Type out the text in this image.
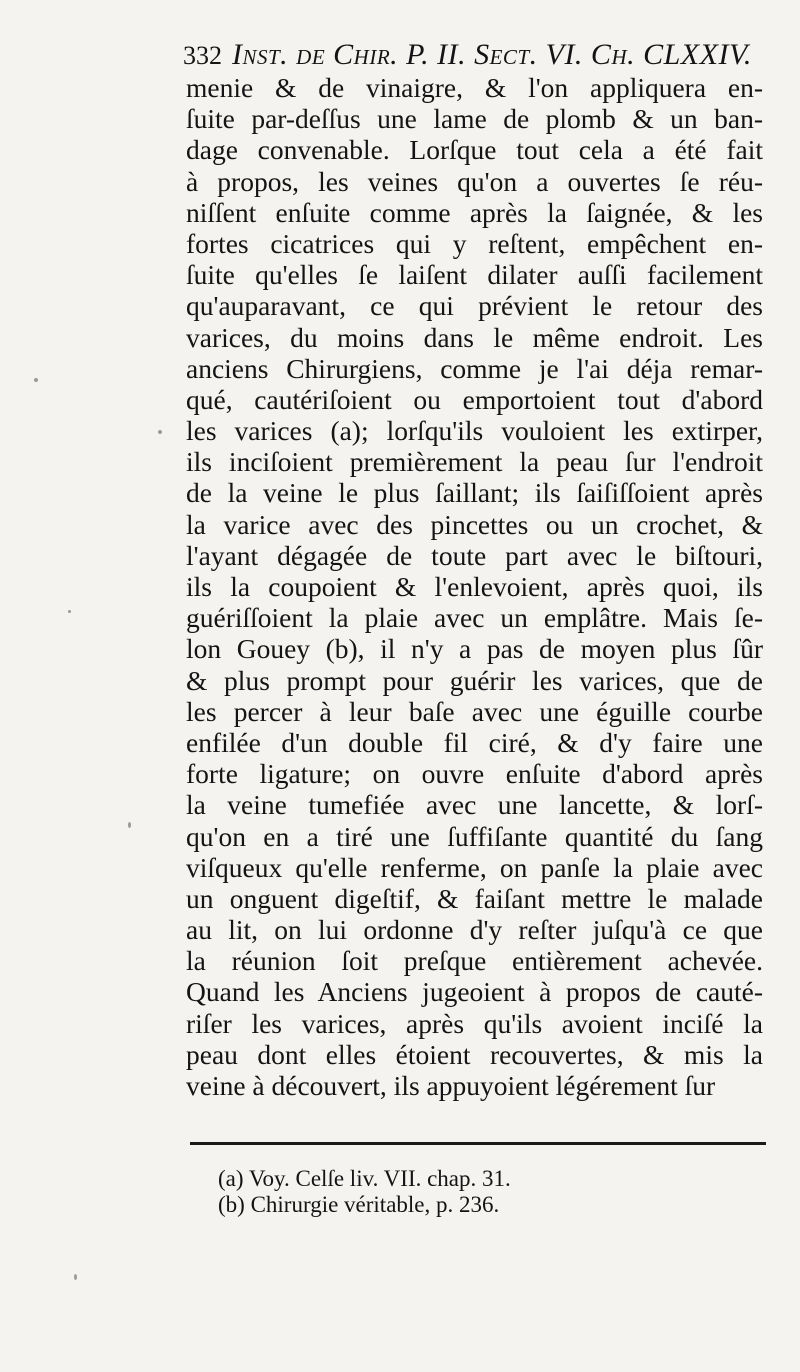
332 Inst. de Chir. P. II. Sect. VI. Ch. CLXXIV.
menie & de vinaigre, & l'on appliquera en-
ſuite par-deſſus une lame de plomb & un ban-
dage convenable. Lorſque tout cela a été fait
à propos, les veines qu'on a ouvertes ſe réu-
niſſent enſuite comme après la ſaignée, & les
fortes cicatrices qui y reſtent, empêchent en-
ſuite qu'elles ſe laiſent dilater auſſi facilement
qu'auparavant, ce qui prévient le retour des
varices, du moins dans le même endroit. Les
anciens Chirurgiens, comme je l'ai déja remar-
qué, cautériſoient ou emportoient tout d'abord
les varices (a); lorſqu'ils vouloient les extirper,
ils inciſoient premièrement la peau ſur l'endroit
de la veine le plus ſaillant; ils ſaiſiſſoient après
la varice avec des pincettes ou un crochet, &
l'ayant dégagée de toute part avec le biſtouri,
ils la coupoient & l'enlevoient, après quoi, ils
guériſſoient la plaie avec un emplâtre. Mais ſe-
lon Gouey (b), il n'y a pas de moyen plus ſûr
& plus prompt pour guérir les varices, que de
les percer à leur baſe avec une éguille courbe
enfilée d'un double fil ciré, & d'y faire une
forte ligature; on ouvre enſuite d'abord après
la veine tumefiée avec une lancette, & lorſ-
qu'on en a tiré une ſuffiſante quantité du ſang
viſqueux qu'elle renferme, on panſe la plaie avec
un onguent digeſtif, & faiſant mettre le malade
au lit, on lui ordonne d'y reſter juſqu'à ce que
la réunion ſoit preſque entièrement achevée.
Quand les Anciens jugeoient à propos de cauté-
riſer les varices, après qu'ils avoient inciſé la
peau dont elles étoient recouvertes, & mis la
veine à découvert, ils appuyoient légérement ſur
(a) Voy. Celſe liv. VII. chap. 31.
(b) Chirurgie véritable, p. 236.
